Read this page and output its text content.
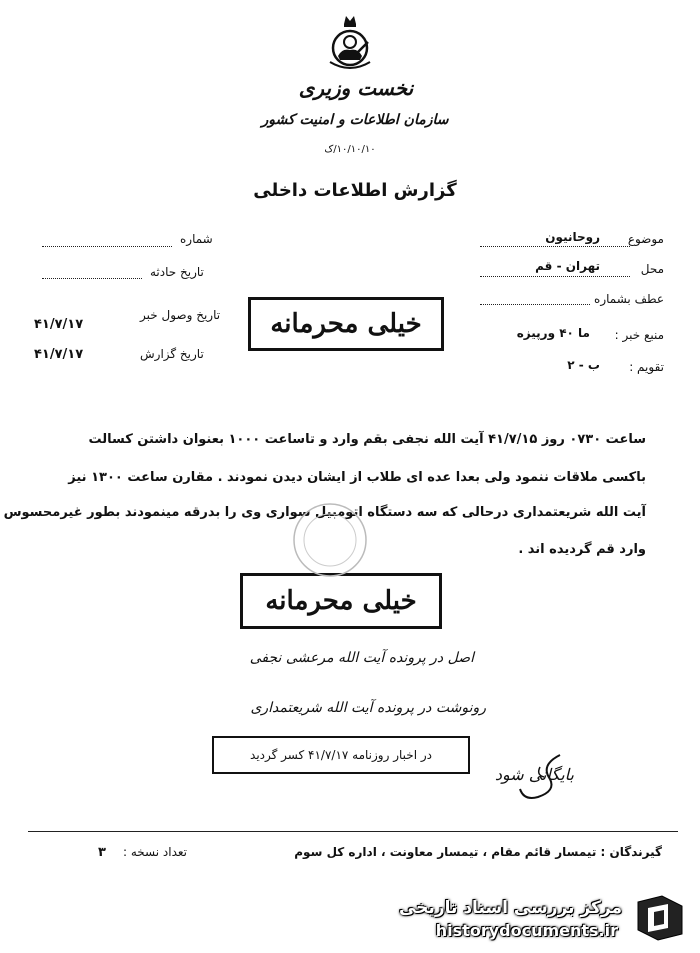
نخست وزیری
سازمان اطلاعات و امنیت کشور
۱۰/۱۰/۱۰/ک
گزارش اطلاعات داخلی
موضوع
روحانیون
محل
تهران - قم
عطف بشماره
منبع خبر :
ما ۴۰ ورپیزه
تقویم :
ب - ۲
شماره
تاریخ حادثه
تاریخ وصول خبر
۴۱/۷/۱۷
تاریخ گزارش
۴۱/۷/۱۷
خیلی محرمانه
ساعت ۰۷۳۰ روز ۴۱/۷/۱۵ آیت الله نجفی بقم وارد و تاساعت ۱۰۰۰ بعنوان داشتن کسالت
باکسی ملاقات ننمود ولی بعدا عده ای طلاب از ایشان دیدن نمودند . مقارن ساعت ۱۳۰۰ نیز
آیت الله شریعتمداری درحالی که سه دستگاه اتومبیل سواری وی را بدرقه مینمودند بطور غیرمحسوس
وارد قم گردیده اند .
خیلی محرمانه
اصل در پرونده آیت الله مرعشی نجفی
رونوشت در پرونده آیت الله شریعتمداری
در اخبار روزنامه ۴۱/۷/۱۷ کسر گردید
بایگانی شود
گیرندگان : تیمسار قائم مقام ، تیمسار معاونت ، اداره کل سوم
تعداد نسخه :
۳
مرکز بررسی اسناد تاریخی
historydocuments.ir
